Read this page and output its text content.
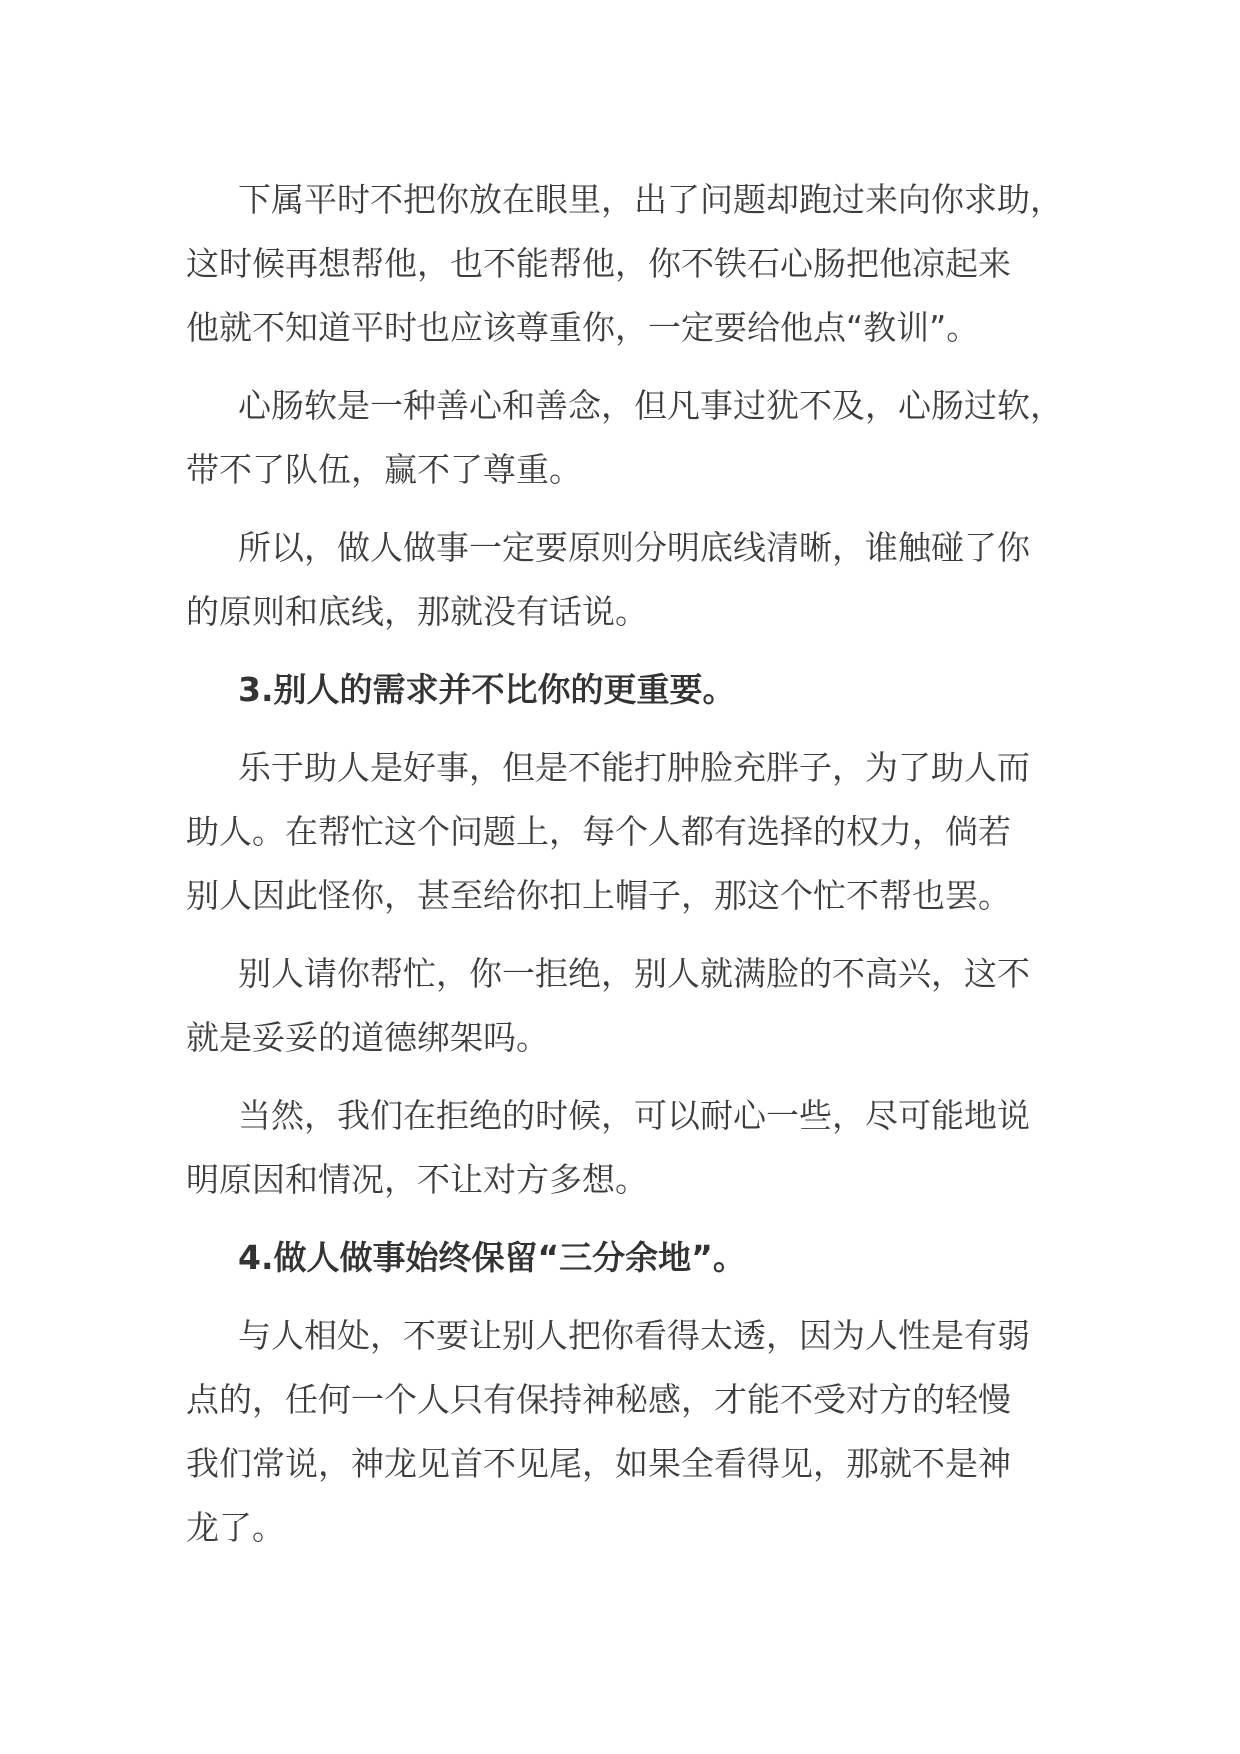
下属平时不把你放在眼里，出了问题却跑过来向你求助，
这时候再想帮他，也不能帮他，你不铁石心肠把他凉起来
他就不知道平时也应该尊重你，一定要给他点“教训”。
心肠软是一种善心和善念，但凡事过犹不及，心肠过软，
带不了队伍，赢不了尊重。
所以，做人做事一定要原则分明底线清晰，谁触碰了你
的原则和底线，那就没有话说。
3.别人的需求并不比你的更重要。
乐于助人是好事，但是不能打肿脸充胖子，为了助人而
助人。在帮忙这个问题上，每个人都有选择的权力，倘若
别人因此怪你，甚至给你扣上帽子，那这个忙不帮也罢。
别人请你帮忙，你一拒绝，别人就满脸的不高兴，这不
就是妥妥的道德绑架吗。
当然，我们在拒绝的时候，可以耐心一些，尽可能地说
明原因和情况，不让对方多想。
4.做人做事始终保留“三分余地”。
与人相处，不要让别人把你看得太透，因为人性是有弱
点的，任何一个人只有保持神秘感，才能不受对方的轻慢
我们常说，神龙见首不见尾，如果全看得见，那就不是神
龙了。
